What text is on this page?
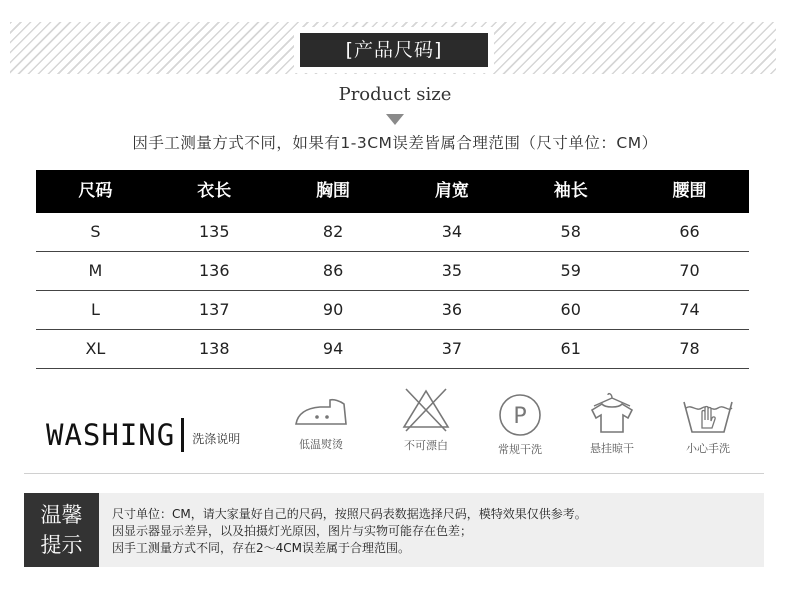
[产品尺码]
Product size
因手工测量方式不同，如果有1-3CM误差皆属合理范围（尺寸单位：CM）
尺码	衣长	胸围	肩宽	袖长	腰围
S	135	82	34	58	66
M	136	86	35	59	70
L	137	90	36	60	74
XL	138	94	37	61	78
WASHING 洗涤说明	低温熨烫	不可漂白
P
常规干洗	悬挂晾干	小心手洗
温馨
提示
尺寸单位：CM，请大家量好自己的尺码，按照尺码表数据选择尺码，模特效果仅供参考。
因显示器显示差异，以及拍摄灯光原因，图片与实物可能存在色差；
因手工测量方式不同，存在2～4CM误差属于合理范围。
